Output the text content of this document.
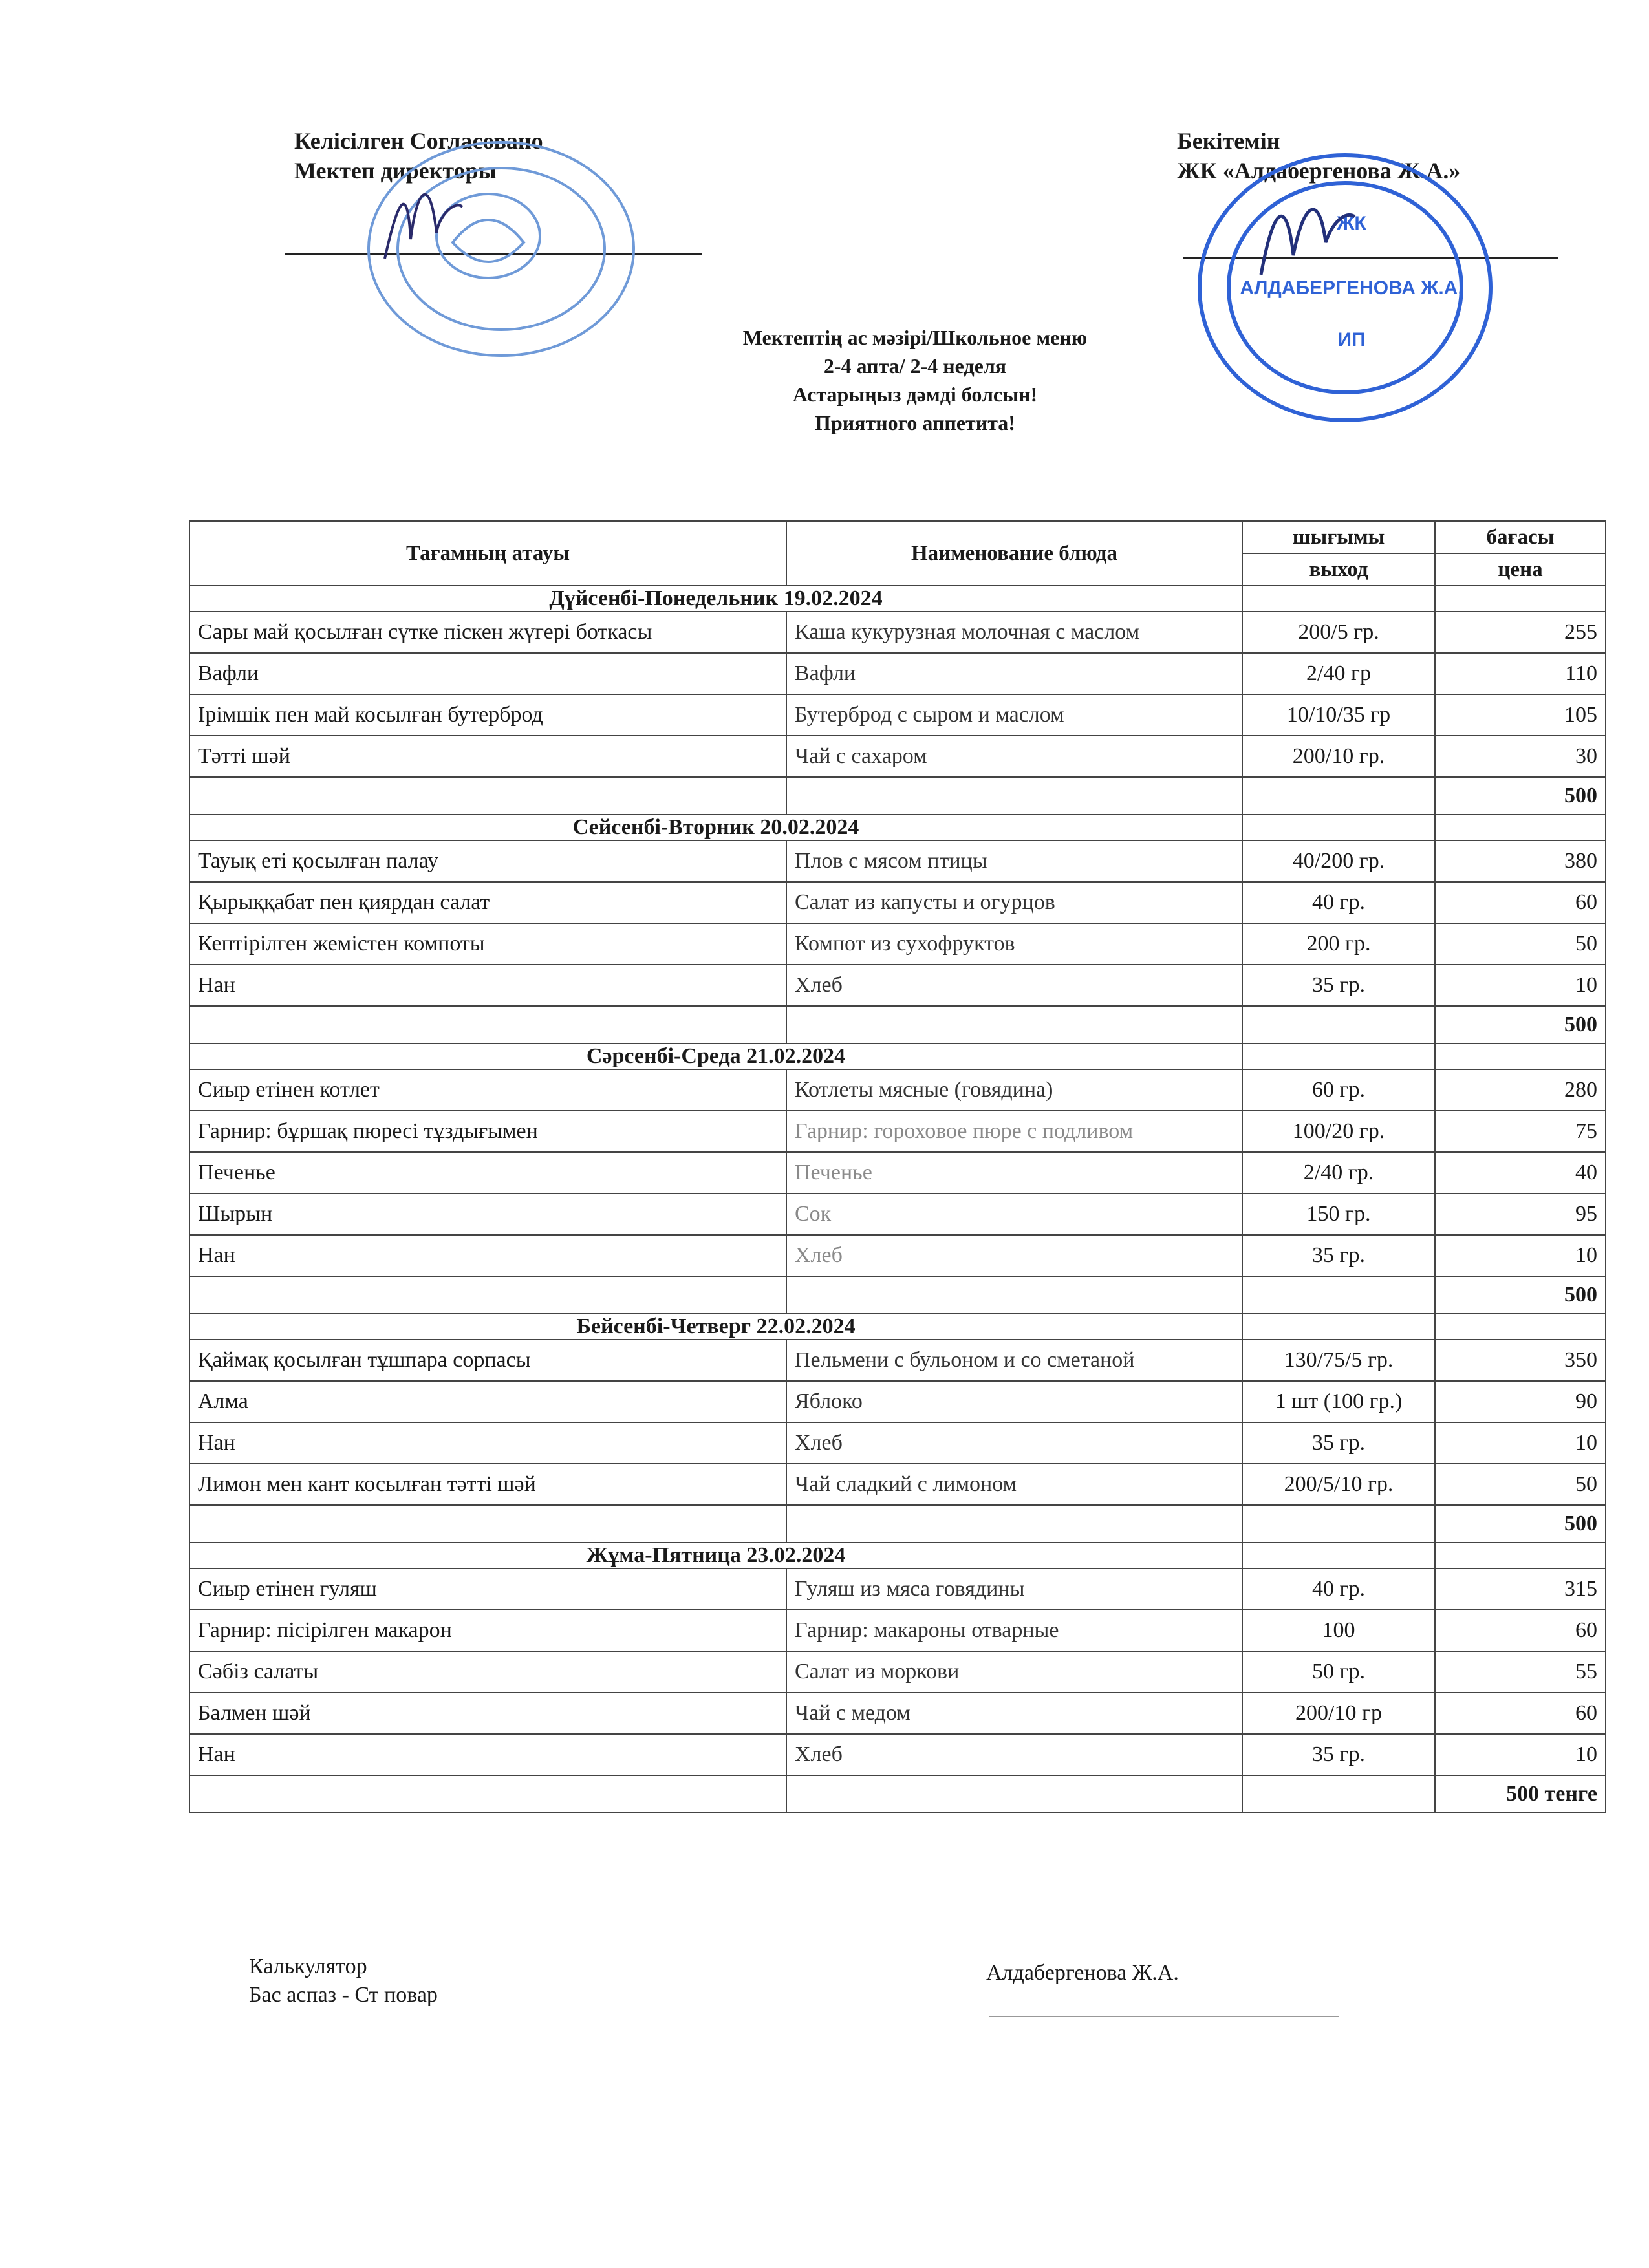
Келісілген Согласовано
Мектеп директоры
Бекітемін
ЖК «Алдабергенова Ж.А.»
ЖК
АЛДАБЕРГЕНОВА Ж.А.
ИП
Мектептің ас мәзірі/Школьное меню
2-4 апта/ 2-4 неделя
Астарыңыз дәмді болсын!
Приятного аппетита!
Тағамның атауы	Наименование блюда	шығымы	бағасы
		выход	цена
Дүйсенбі-Понедельник 19.02.2024			
Сары май қосылған сүтке піскен жүгері боткасы	Каша кукурузная молочная с маслом	200/5 гр.	255
Вафли	Вафли	2/40 гр	110
Ірімшік пен май косылған бутерброд	Бутерброд с сыром и маслом	10/10/35 гр	105
Тәтті шәй	Чай с сахаром	200/10 гр.	30
			500
Сейсенбі-Вторник 20.02.2024			
Тауық еті қосылған палау	Плов с мясом птицы	40/200 гр.	380
Қырыққабат пен қиярдан салат	Салат из капусты и огурцов	40 гр.	60
Кептірілген жемістен компоты	Компот из сухофруктов	200 гр.	50
Нан	Хлеб	35 гр.	10
			500
Сәрсенбі-Среда 21.02.2024			
Сиыр етінен котлет	Котлеты мясные (говядина)	60 гр.	280
Гарнир: бұршақ пюресі тұздығымен	Гарнир: гороховое пюре с подливом	100/20 гр.	75
Печенье	Печенье	2/40 гр.	40
Шырын	Сок	150 гр.	95
Нан	Хлеб	35 гр.	10
			500
Бейсенбі-Четверг 22.02.2024			
Қаймақ қосылған тұшпара сорпасы	Пельмени с бульоном и со сметаной	130/75/5 гр.	350
Алма	Яблоко	1 шт (100 гр.)	90
Нан	Хлеб	35 гр.	10
Лимон мен кант косылған тәтті шәй	Чай сладкий с лимоном	200/5/10 гр.	50
			500
Жұма-Пятница 23.02.2024			
Сиыр етінен гуляш	Гуляш из мяса говядины	40 гр.	315
Гарнир: пісірілген макарон	Гарнир: макароны отварные	100	60
Сәбіз салаты	Салат из моркови	50 гр.	55
Балмен шәй	Чай с медом	200/10 гр	60
Нан	Хлеб	35 гр.	10
			500 тенге
Калькулятор
Бас аспаз - Ст повар
Алдабергенова Ж.А.
